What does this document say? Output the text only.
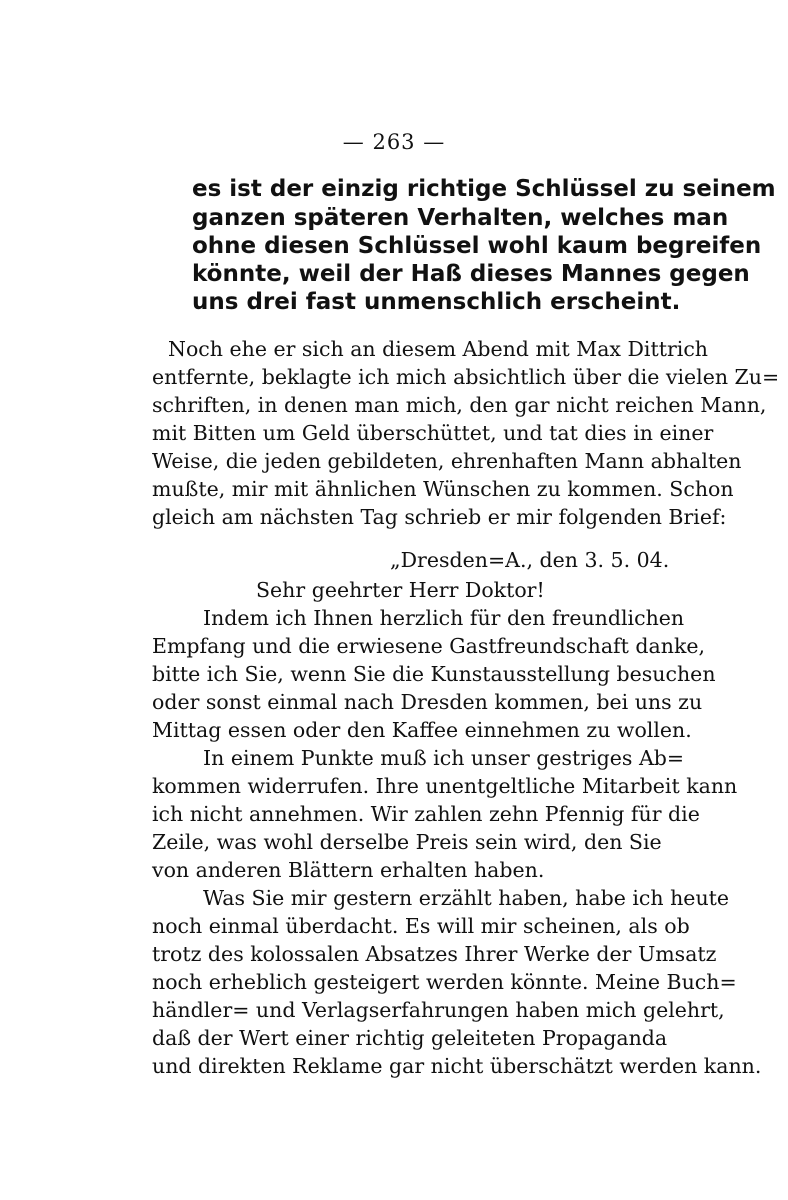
— 263 —
es ist der einzig richtige Schlüssel zu seinem
ganzen späteren Verhalten, welches man
ohne diesen Schlüssel wohl kaum begreifen
könnte, weil der Haß dieses Mannes gegen
uns drei fast unmenschlich erscheint.
Noch ehe er sich an diesem Abend mit Max Dittrich
entfernte, beklagte ich mich absichtlich über die vielen Zu=
schriften, in denen man mich, den gar nicht reichen Mann,
mit Bitten um Geld überschüttet, und tat dies in einer
Weise, die jeden gebildeten, ehrenhaften Mann abhalten
mußte, mir mit ähnlichen Wünschen zu kommen. Schon
gleich am nächsten Tag schrieb er mir folgenden Brief:
„Dresden=A., den 3. 5. 04.
Sehr geehrter Herr Doktor!
Indem ich Ihnen herzlich für den freundlichen
Empfang und die erwiesene Gastfreundschaft danke,
bitte ich Sie, wenn Sie die Kunstausstellung besuchen
oder sonst einmal nach Dresden kommen, bei uns zu
Mittag essen oder den Kaffee einnehmen zu wollen.
In einem Punkte muß ich unser gestriges Ab=
kommen widerrufen. Ihre unentgeltliche Mitarbeit kann
ich nicht annehmen. Wir zahlen zehn Pfennig für die
Zeile, was wohl derselbe Preis sein wird, den Sie
von anderen Blättern erhalten haben.
Was Sie mir gestern erzählt haben, habe ich heute
noch einmal überdacht. Es will mir scheinen, als ob
trotz des kolossalen Absatzes Ihrer Werke der Umsatz
noch erheblich gesteigert werden könnte. Meine Buch=
händler= und Verlagserfahrungen haben mich gelehrt,
daß der Wert einer richtig geleiteten Propaganda
und direkten Reklame gar nicht überschätzt werden kann.
